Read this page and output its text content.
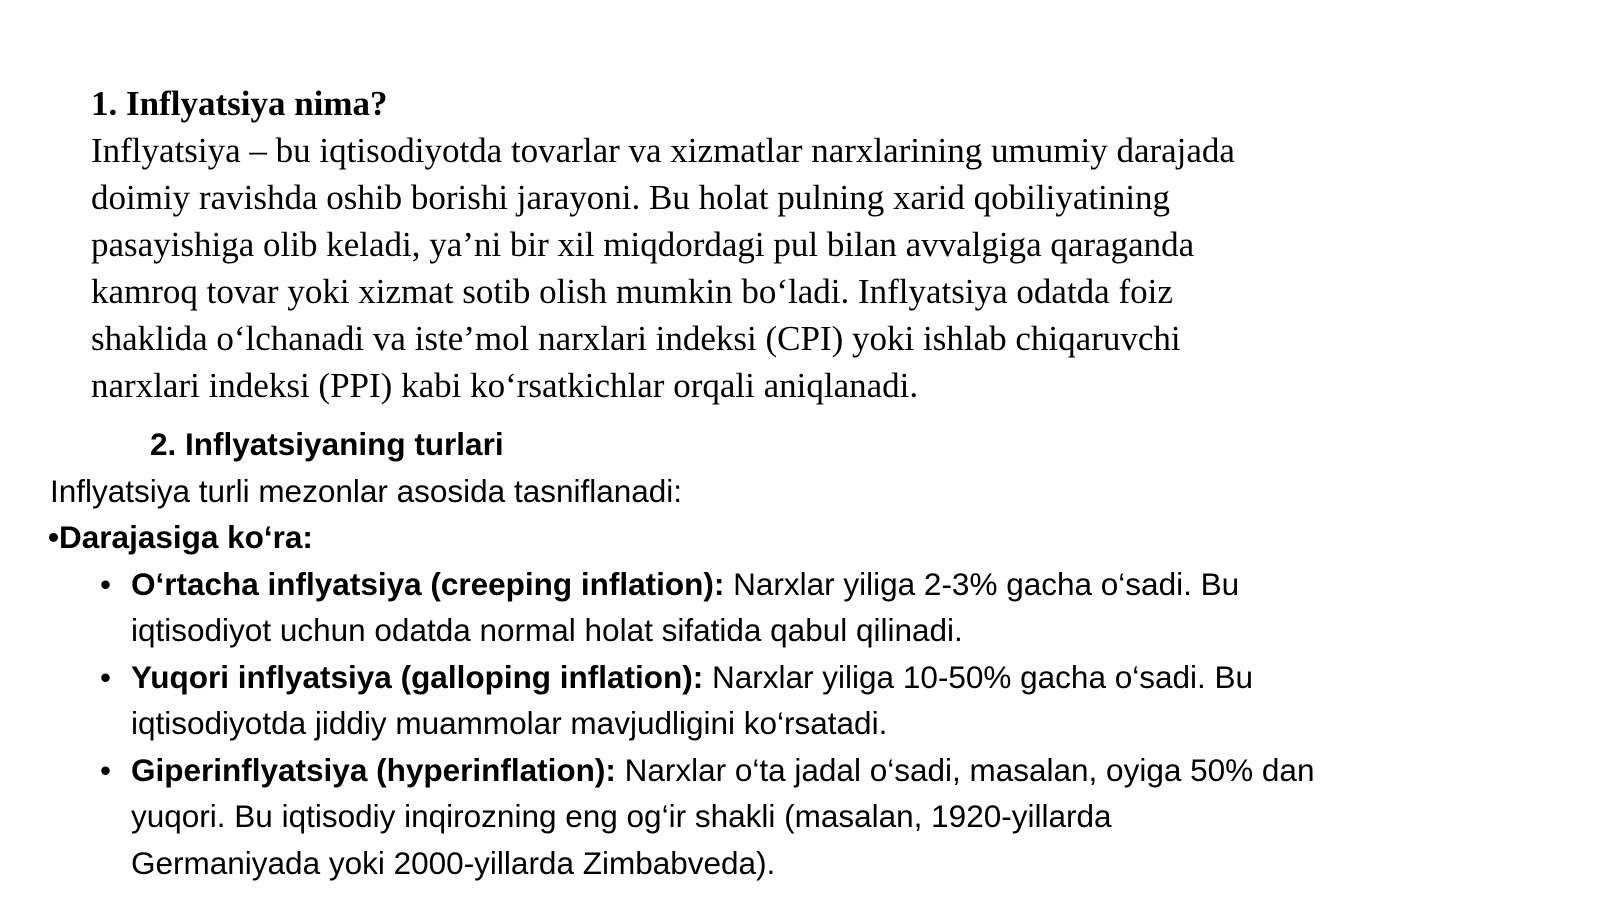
1. Inflyatsiya nima?
Inflyatsiya – bu iqtisodiyotda tovarlar va xizmatlar narxlarining umumiy darajada
doimiy ravishda oshib borishi jarayoni. Bu holat pulning xarid qobiliyatining
pasayishiga olib keladi, ya’ni bir xil miqdordagi pul bilan avvalgiga qaraganda
kamroq tovar yoki xizmat sotib olish mumkin bo‘ladi. Inflyatsiya odatda foiz
shaklida o‘lchanadi va iste’mol narxlari indeksi (CPI) yoki ishlab chiqaruvchi
narxlari indeksi (PPI) kabi ko‘rsatkichlar orqali aniqlanadi.
2. Inflyatsiyaning turlari
Inflyatsiya turli mezonlar asosida tasniflanadi:
•Darajasiga ko‘ra:
• O‘rtacha inflyatsiya (creeping inflation): Narxlar yiliga 2-3% gacha o‘sadi. Bu
iqtisodiyot uchun odatda normal holat sifatida qabul qilinadi.
• Yuqori inflyatsiya (galloping inflation): Narxlar yiliga 10-50% gacha o‘sadi. Bu
iqtisodiyotda jiddiy muammolar mavjudligini ko‘rsatadi.
• Giperinflyatsiya (hyperinflation): Narxlar o‘ta jadal o‘sadi, masalan, oyiga 50% dan
yuqori. Bu iqtisodiy inqirozning eng og‘ir shakli (masalan, 1920-yillarda
Germaniyada yoki 2000-yillarda Zimbabveda).
